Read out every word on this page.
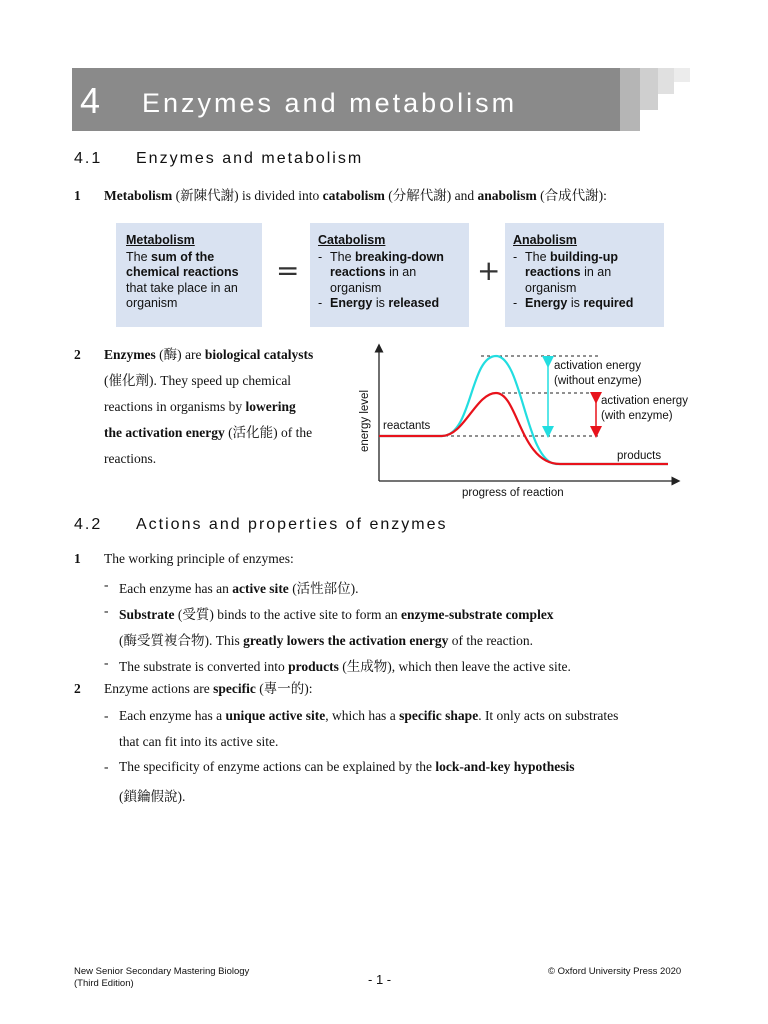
4 Enzymes and metabolism
4.1 Enzymes and metabolism
1 Metabolism (新陳代謝) is divided into catabolism (分解代謝) and anabolism (合成代謝):
Metabolism
The sum of the chemical reactions that take place in an organism
=
Catabolism
- The breaking-down reactions in an organism
- Energy is released
+
Anabolism
- The building-up reactions in an organism
- Energy is required
2 Enzymes (酶) are biological catalysts
(催化劑). They speed up chemical
reactions in organisms by lowering
the activation energy (活化能) of the
reactions.
energy level
progress of reaction
reactants
products
activation energy
(without enzyme)
activation energy
(with enzyme)
4.2 Actions and properties of enzymes
1 The working principle of enzymes:
- Each enzyme has an active site (活性部位).
- Substrate (受質) binds to the active site to form an enzyme-substrate complex
(酶受質複合物). This greatly lowers the activation energy of the reaction.
- The substrate is converted into products (生成物), which then leave the active site.
2 Enzyme actions are specific (專一的):
- Each enzyme has a unique active site, which has a specific shape. It only acts on substrates
that can fit into its active site.
- The specificity of enzyme actions can be explained by the lock-and-key hypothesis
(鎖鑰假說).
New Senior Secondary Mastering Biology
(Third Edition)	- 1 -
© Oxford University Press 2020
